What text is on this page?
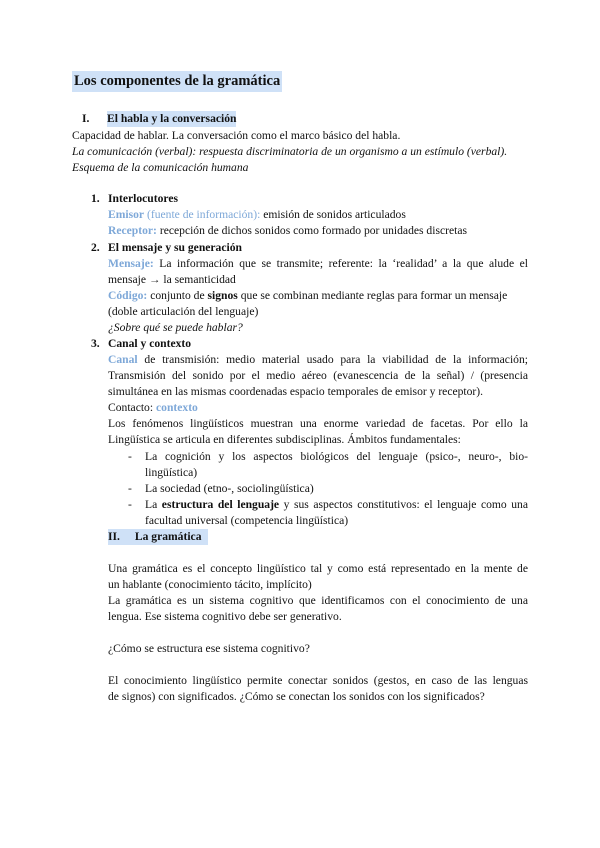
Los componentes de la gramática
I. El habla y la conversación
Capacidad de hablar. La conversación como el marco básico del habla.
La comunicación (verbal): respuesta discriminatoria de un organismo a un estímulo (verbal).
Esquema de la comunicación humana
1. Interlocutores
Emisor (fuente de información): emisión de sonidos articulados
Receptor: recepción de dichos sonidos como formado por unidades discretas
2. El mensaje y su generación
Mensaje: La información que se transmite; referente: la ‘realidad’ a la que alude el
mensaje → la semanticidad
Código: conjunto de signos que se combinan mediante reglas para formar un mensaje
(doble articulación del lenguaje)
¿Sobre qué se puede hablar?
3. Canal y contexto
Canal de transmisión: medio material usado para la viabilidad de la información;
Transmisión del sonido por el medio aéreo (evanescencia de la señal) / (presencia
simultánea en las mismas coordenadas espacio temporales de emisor y receptor).
Contacto: contexto
Los fenómenos lingüísticos muestran una enorme variedad de facetas. Por ello la
Lingüística se articula en diferentes subdisciplinas. Ámbitos fundamentales:
- La cognición y los aspectos biológicos del lenguaje (psico-, neuro-, bio-
lingüística)
- La sociedad (etno-, sociolingüística)
- La estructura del lenguaje y sus aspectos constitutivos: el lenguaje como una
facultad universal (competencia lingüística)
II. La gramática
Una gramática es el concepto lingüístico tal y como está representado en la mente de
un hablante (conocimiento tácito, implícito)
La gramática es un sistema cognitivo que identificamos con el conocimiento de una
lengua. Ese sistema cognitivo debe ser generativo.
¿Cómo se estructura ese sistema cognitivo?
El conocimiento lingüístico permite conectar sonidos (gestos, en caso de las lenguas
de signos) con significados. ¿Cómo se conectan los sonidos con los significados?
